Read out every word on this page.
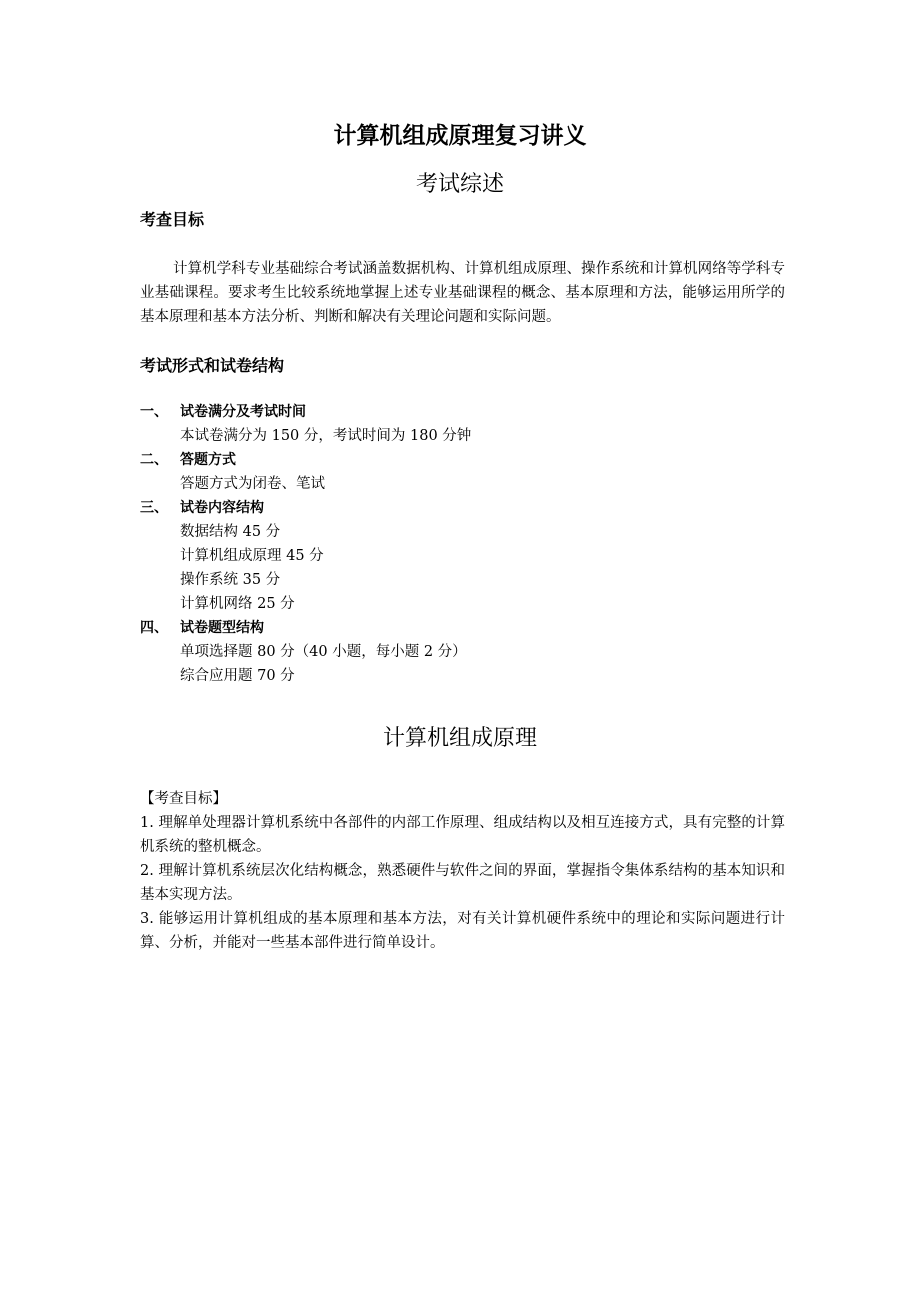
计算机组成原理复习讲义
考试综述
考查目标

计算机学科专业基础综合考试涵盖数据机构、计算机组成原理、操作系统和计算机网络等学科专业基础课程。要求考生比较系统地掌握上述专业基础课程的概念、基本原理和方法，能够运用所学的基本原理和基本方法分析、判断和解决有关理论问题和实际问题。

考试形式和试卷结构
一、 试卷满分及考试时间
本试卷满分为 150 分，考试时间为 180 分钟
二、 答题方式
答题方式为闭卷、笔试
三、 试卷内容结构
数据结构 45 分
计算机组成原理 45 分
操作系统 35 分
计算机网络 25 分
四、 试卷题型结构
单项选择题 80 分（40 小题，每小题 2 分）
综合应用题 70 分
计算机组成原理

【考查目标】

1. 理解单处理器计算机系统中各部件的内部工作原理、组成结构以及相互连接方式，具有完整的计算机系统的整机概念。
2. 理解计算机系统层次化结构概念，熟悉硬件与软件之间的界面，掌握指令集体系结构的基本知识和基本实现方法。
3. 能够运用计算机组成的基本原理和基本方法，对有关计算机硬件系统中的理论和实际问题进行计算、分析，并能对一些基本部件进行简单设计。
